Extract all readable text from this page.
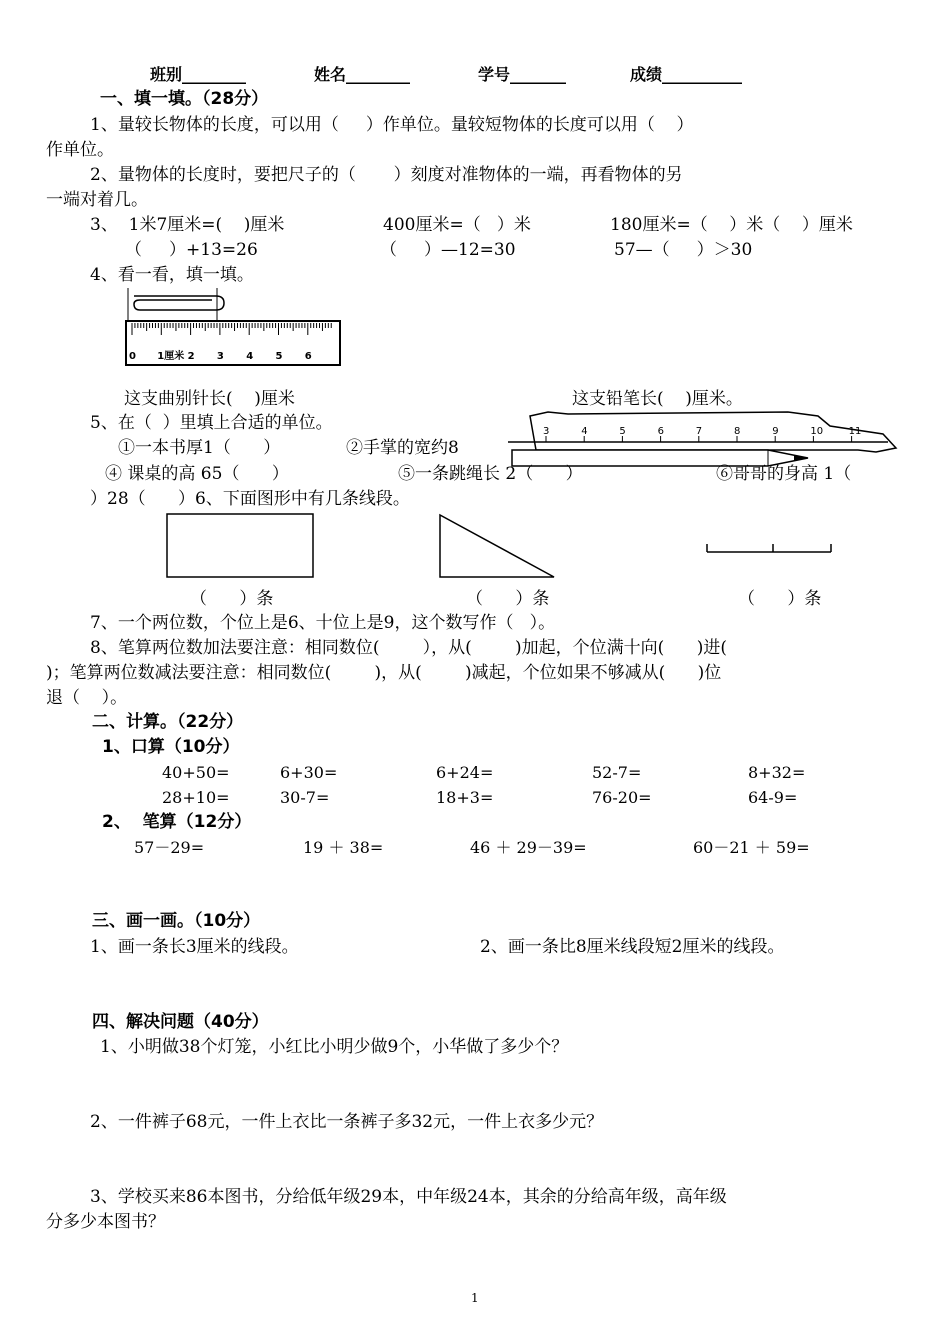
班别________	姓名________	学号_______	成绩__________
一、填一填。（28分）
1、量较长物体的长度，可以用（     ）作单位。量较短物体的长度可以用（    ）
作单位。
2、量物体的长度时，要把尺子的（       ）刻度对准物体的一端，再看物体的另
一端对着几。
3、  1米7厘米=(    )厘米	400厘米=（   ）米	180厘米=（    ）米（    ）厘米
（     ）+13=26	（     ）—12=30	57—（     ）＞30
4、看一看，填一填。
0 1厘米 2 3 4 5 6
3	4	5	6	7	8	9	10	11
这支曲别针长(    )厘米	这支铅笔长(    )厘米。
5、在（  ）里填上合适的单位。
①一本书厚1（      ）	②手掌的宽约8
④ 课桌的高 65（      ）	⑤一条跳绳长 2（      ）	⑥哥哥的身高 1（
）28（      ）6、下面图形中有几条线段。
（      ）条	（      ）条	（      ）条
7、一个两位数，个位上是6、十位上是9，这个数写作（   ）。
8、笔算两位数加法要注意：相同数位(        ），从(        )加起，个位满十向(      )进(
)；笔算两位数减法要注意：相同数位(        )，从(        )减起，个位如果不够减从(      )位
退（    ）。
二、计算。（22分）
1、口算（10分）
40+50=	6+30=	6+24=	52-7=	8+32=
28+10=	30-7=	18+3=	76-20=	64-9=
2、  笔算（12分）
57－29=	19 ＋ 38=	46 ＋ 29－39=	60－21 ＋ 59=
三、画一画。（10分）
1、画一条长3厘米的线段。	2、画一条比8厘米线段短2厘米的线段。
四、解决问题（40分）
1、小明做38个灯笼，小红比小明少做9个，小华做了多少个？
2、一件裤子68元，一件上衣比一条裤子多32元，一件上衣多少元？
3、学校买来86本图书，分给低年级29本，中年级24本，其余的分给高年级，高年级
分多少本图书？
1
